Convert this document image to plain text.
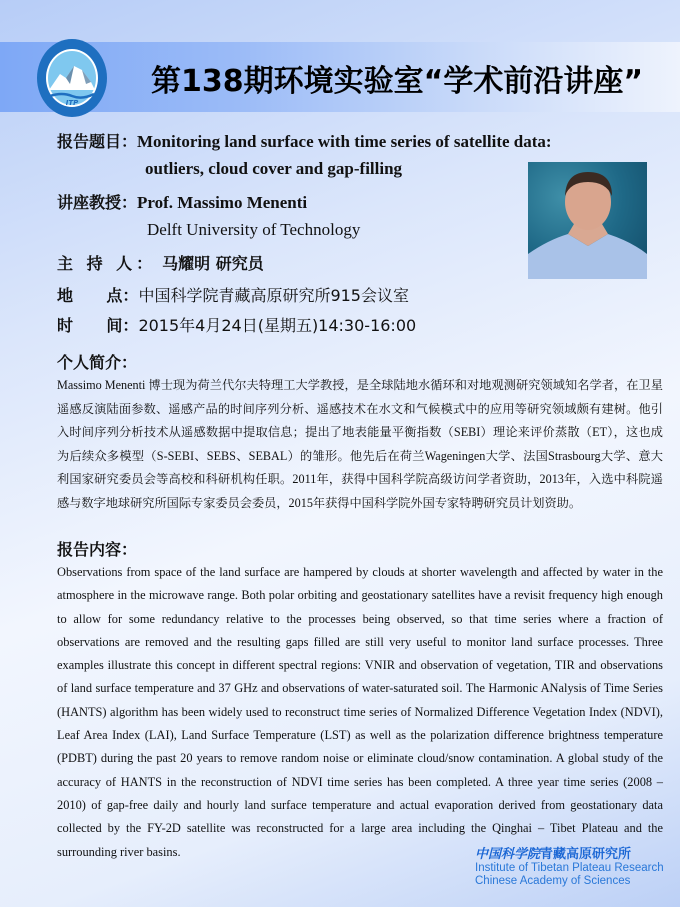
ITP
第138期环境实验室“学术前沿讲座”
报告题目：Monitoring land surface with time series of satellite data:
outliers, cloud cover and gap-filling
讲座教授：Prof. Massimo Menenti
Delft University of Technology
主 持 人： 马耀明 研究员
地      点：中国科学院青藏高原研究所915会议室
时      间：2015年4月24日(星期五)14:30-16:00
个人简介：
Massimo Menenti 博士现为荷兰代尔夫特理工大学教授，是全球陆地水循环和对地观测研究领域知名学者，在卫星遥感反演陆面参数、遥感产品的时间序列分析、遥感技术在水文和气候模式中的应用等研究领域颇有建树。他引入时间序列分析技术从遥感数据中提取信息；提出了地表能量平衡指数（SEBI）理论来评价蒸散（ET），这也成为后续众多模型（S-SEBI、SEBS、SEBAL）的雏形。他先后在荷兰Wageningen大学、法国Strasbourg大学、意大利国家研究委员会等高校和科研机构任职。2011年，获得中国科学院高级访问学者资助，2013年，入选中科院遥感与数字地球研究所国际专家委员会委员，2015年获得中国科学院外国专家特聘研究员计划资助。
报告内容：
Observations from space of the land surface are hampered by clouds at shorter wavelength and affected by water in the atmosphere in the microwave range. Both polar orbiting and geostationary satellites have a revisit frequency high enough to allow for some redundancy relative to the processes being observed, so that time series where a fraction of observations are removed and the resulting gaps filled are still very useful to monitor land surface processes. Three examples illustrate this concept in different spectral regions: VNIR and observation of vegetation, TIR and observations of land surface temperature and 37 GHz and observations of water-saturated soil. The Harmonic ANalysis of Time Series (HANTS) algorithm has been widely used to reconstruct time series of Normalized Difference Vegetation Index (NDVI), Leaf Area Index (LAI), Land Surface Temperature (LST) as well as the polarization difference brightness temperature (PDBT) during the past 20 years to remove random noise or eliminate cloud/snow contamination. A global study of the accuracy of HANTS in the reconstruction of NDVI time series has been completed. A three year time series (2008 – 2010) of gap-free daily and hourly land surface temperature and actual evaporation derived from geostationary data collected by the FY-2D satellite was reconstructed for a large area including the Qinghai – Tibet Plateau and the surrounding river basins.	中国科学院青藏高原研究所
Institute of Tibetan Plateau Research
Chinese Academy of Sciences
